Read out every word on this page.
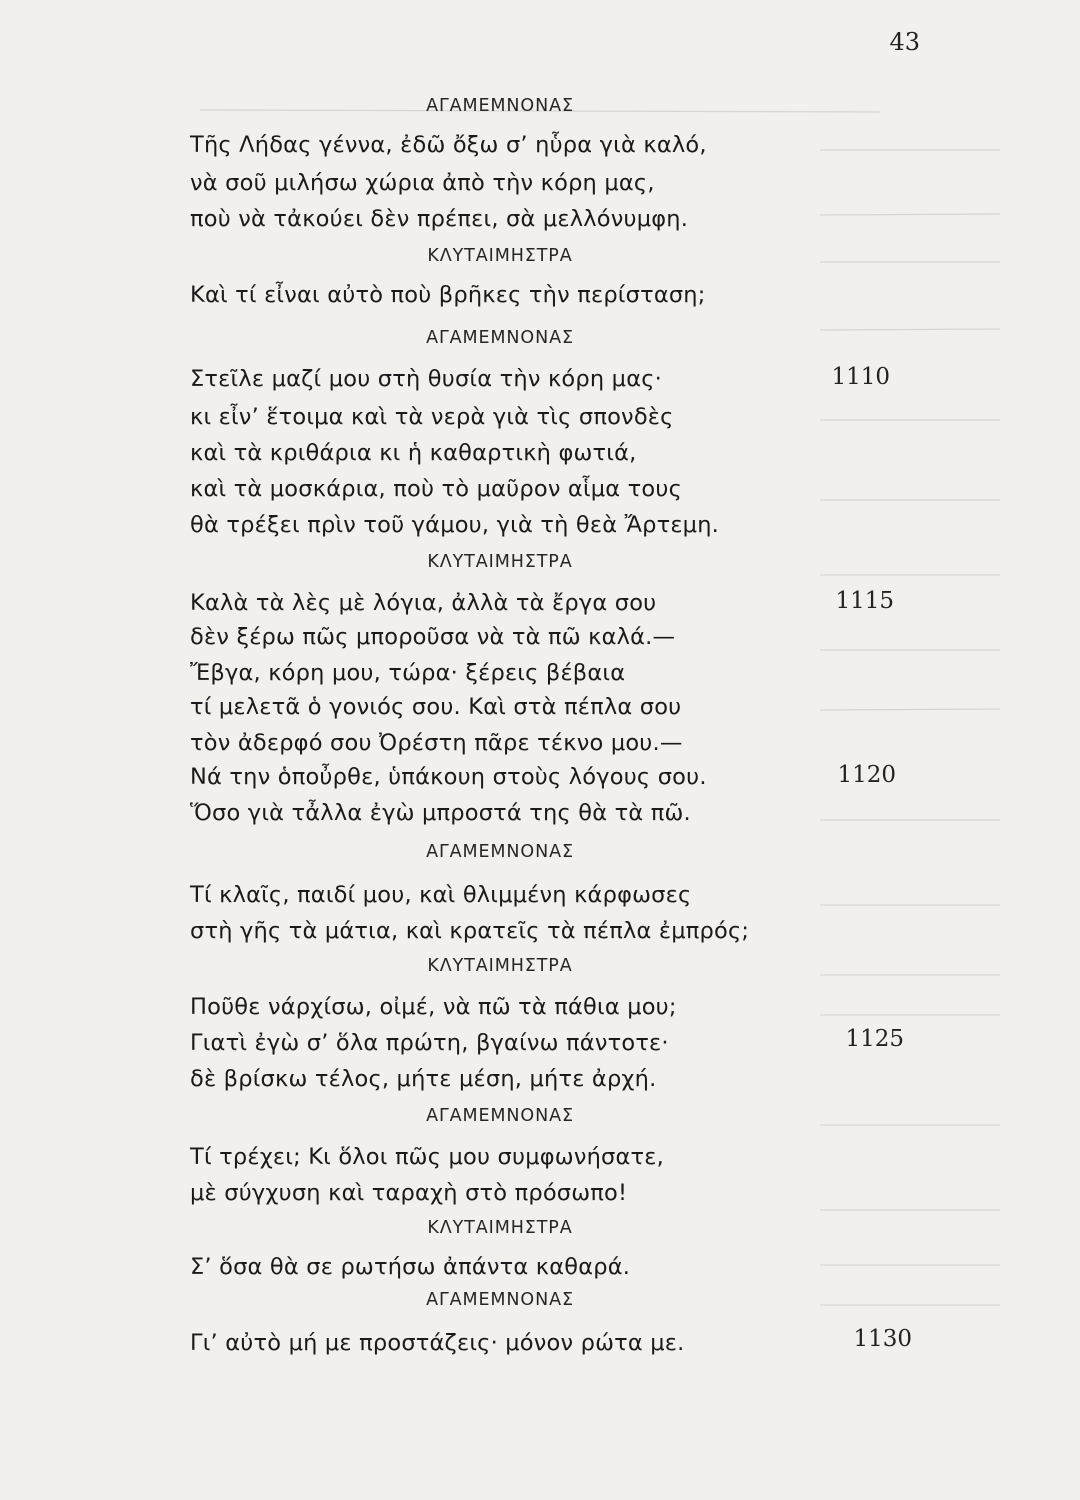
43
ΑΓΑΜΕΜΝΟΝΑΣ
Τῆς Λήδας γέννα, ἐδῶ ὄξω σ’ ηὗρα γιὰ καλό,
νὰ σοῦ μιλήσω χώρια ἀπὸ τὴν κόρη μας,
ποὺ νὰ τἀκούει δὲν πρέπει, σὰ μελλόνυμφη.
ΚΛΥΤΑΙΜΗΣΤΡΑ
Καὶ τί εἶναι αὐτὸ ποὺ βρῆκες τὴν περίσταση;
ΑΓΑΜΕΜΝΟΝΑΣ
Στεῖλε μαζί μου στὴ θυσία τὴν κόρη μας·	1110
κι εἶν’ ἕτοιμα καὶ τὰ νερὰ γιὰ τὶς σπονδὲς
καὶ τὰ κριθάρια κι ἡ καθαρτικὴ φωτιά,
καὶ τὰ μοσκάρια, ποὺ τὸ μαῦρον αἷμα τους
θὰ τρέξει πρὶν τοῦ γάμου, γιὰ τὴ θεὰ Ἄρτεμη.
ΚΛΥΤΑΙΜΗΣΤΡΑ
Καλὰ τὰ λὲς μὲ λόγια, ἀλλὰ τὰ ἔργα σου	1115
δὲν ξέρω πῶς μποροῦσα νὰ τὰ πῶ καλά.—
Ἔβγα, κόρη μου, τώρα· ξέρεις βέβαια
τί μελετᾶ ὁ γονιός σου. Καὶ στὰ πέπλα σου
τὸν ἀδερφό σου Ὀρέστη πᾶρε τέκνο μου.—
Νά την ὁποὖρθε, ὑπάκουη στοὺς λόγους σου.	1120
Ὅσο γιὰ τἆλλα ἐγὼ μπροστά της θὰ τὰ πῶ.
ΑΓΑΜΕΜΝΟΝΑΣ
Τί κλαῖς, παιδί μου, καὶ θλιμμένη κάρφωσες
στὴ γῆς τὰ μάτια, καὶ κρατεῖς τὰ πέπλα ἐμπρός;
ΚΛΥΤΑΙΜΗΣΤΡΑ
Ποῦθε νάρχίσω, οἰμέ, νὰ πῶ τὰ πάθια μου;
Γιατὶ ἐγὼ σ’ ὅλα πρώτη, βγαίνω πάντοτε·	1125
δὲ βρίσκω τέλος, μήτε μέση, μήτε ἀρχή.
ΑΓΑΜΕΜΝΟΝΑΣ
Τί τρέχει; Κι ὅλοι πῶς μου συμφωνήσατε,
μὲ σύγχυση καὶ ταραχὴ στὸ πρόσωπο!
ΚΛΥΤΑΙΜΗΣΤΡΑ
Σ’ ὅσα θὰ σε ρωτήσω ἀπάντα καθαρά.
ΑΓΑΜΕΜΝΟΝΑΣ
Γι’ αὐτὸ μή με προστάζεις· μόνον ρώτα με.	1130
